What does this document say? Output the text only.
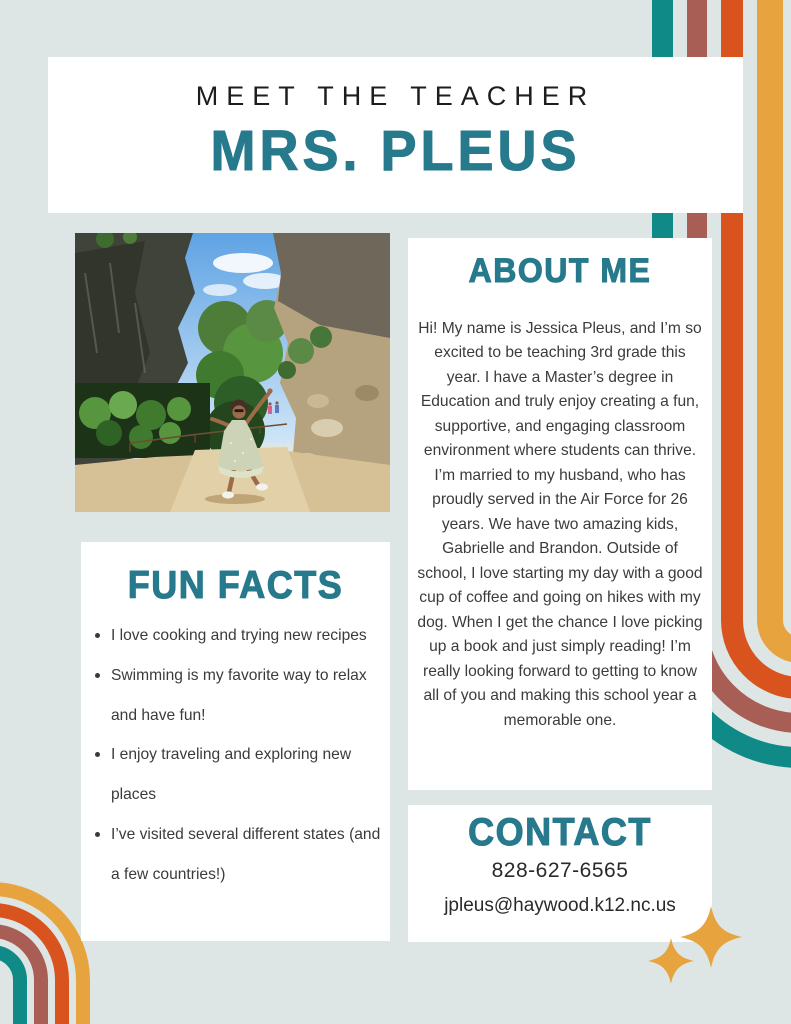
MEET THE TEACHER
MRS. PLEUS
ABOUT ME
Hi! My name is Jessica Pleus, and I’m so excited to be teaching 3rd grade this year. I have a Master’s degree in Education and truly enjoy creating a fun, supportive, and engaging classroom environment where students can thrive. I’m married to my husband, who has proudly served in the Air Force for 26 years. We have two amazing kids, Gabrielle and Brandon. Outside of school, I love starting my day with a good cup of coffee and going on hikes with my dog. When I get the chance I love picking up a book and just simply reading! I’m really looking forward to getting to know all of you and making this school year a memorable one.
FUN FACTS
I love cooking and trying new recipes
Swimming is my favorite way to relax and have fun!
I enjoy traveling and exploring new places
I’ve visited several different states (and a few countries!)
CONTACT
828-627-6565
jpleus@haywood.k12.nc.us
